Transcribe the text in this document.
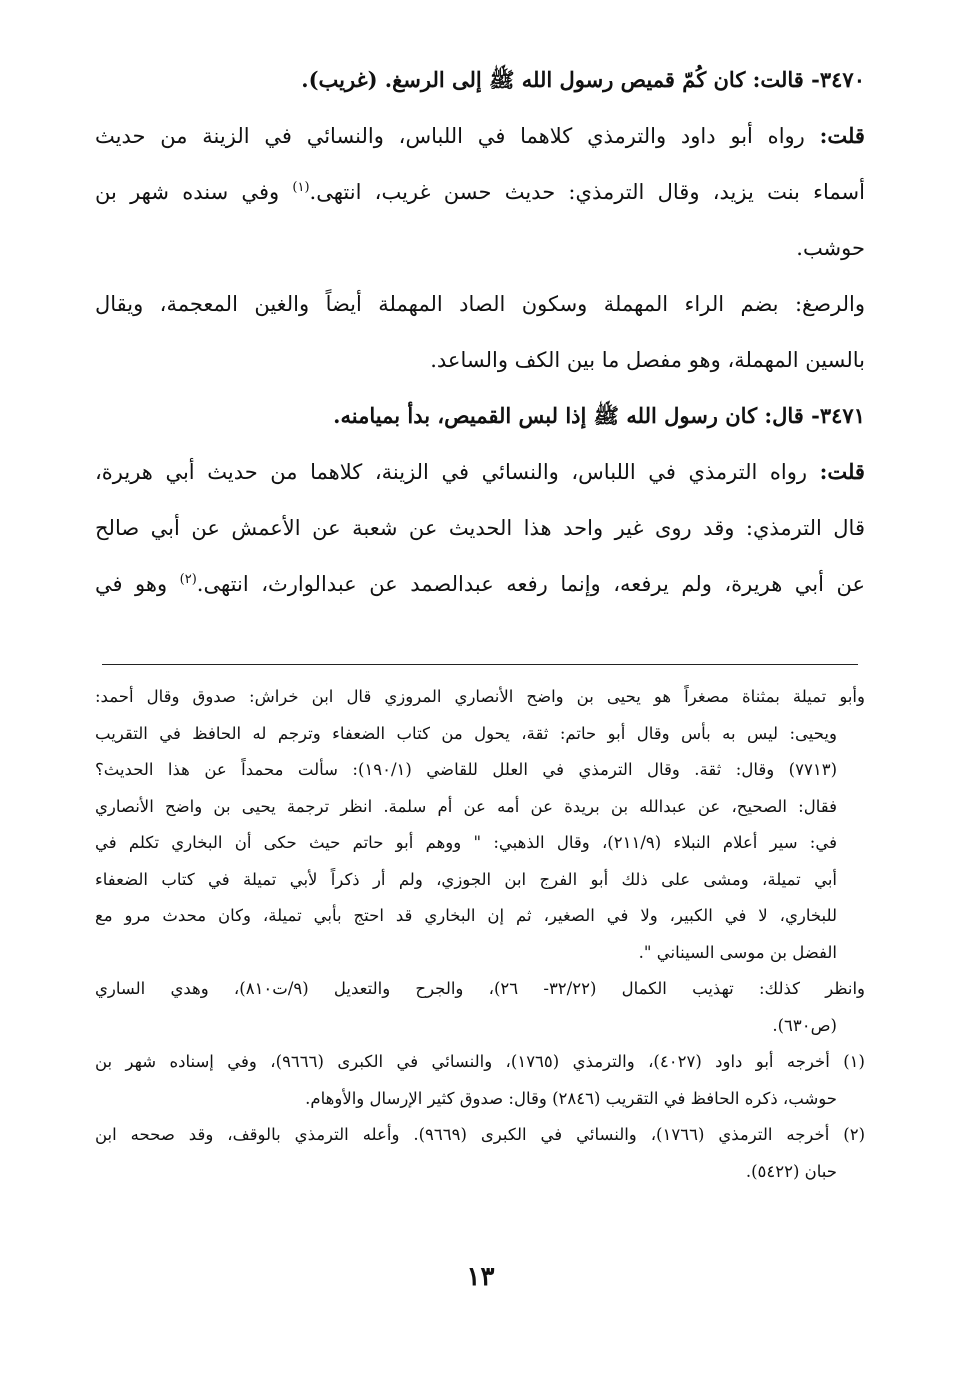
٣٤٧٠- قالت: كان كُمّ قميص رسول الله ﷺ إلى الرسغ. (غريب).
قلت: رواه أبو داود والترمذي كلاهما في اللباس، والنسائي في الزينة من حديث
أسماء بنت يزيد، وقال الترمذي: حديث حسن غريب، انتهى.$^{(١)}$ وفي سنده شهر بن
حوشب.
والرصغ: بضم الراء المهملة وسكون الصاد المهملة أيضاً والغين المعجمة، ويقال
بالسين المهملة، وهو مفصل ما بين الكف والساعد.
٣٤٧١- قال: كان رسول الله ﷺ إذا لبس القميص، بدأ بميامنه.
قلت: رواه الترمذي في اللباس، والنسائي في الزينة، كلاهما من حديث أبي هريرة،
قال الترمذي: وقد روى غير واحد هذا الحديث عن شعبة عن الأعمش عن أبي صالح
عن أبي هريرة، ولم يرفعه، وإنما رفعه عبدالصمد عن عبدالوارث، انتهى.$^{(٢)}$ وهو في
وأبو تميلة بمثناة مصغراً هو يحيى بن واضح الأنصاري المروزي قال ابن خراش: صدوق وقال أحمد:
ويحيى: ليس به بأس وقال أبو حاتم: ثقة، يحول من كتاب الضعفاء وترجم له الحافظ في التقريب
(٧٧١٣) وقال: ثقة. وقال الترمذي في العلل للقاضي (١٩٠/١): سألت محمداً عن هذا الحديث؟
فقال: الصحيح، عن عبدالله بن بريدة عن أمه عن أم سلمة. انظر ترجمة يحيى بن واضح الأنصاري
في: سير أعلام النبلاء (٢١١/٩)، وقال الذهبي: " ووهم أبو حاتم حيث حكى أن البخاري تكلم في
أبي تميلة، ومشى على ذلك أبو الفرج ابن الجوزي، ولم أر ذكراً لأبي تميلة في كتاب الضعفاء
للبخاري، لا في الكبير، ولا في الصغير، ثم إن البخاري قد احتج بأبي تميلة، وكان محدث مرو مع
الفضل بن موسى السيناني ".
وانظر كذلك: تهذيب الكمال (٣٢/٢٢- ٢٦)، والجرح والتعديل (٩/ت٨١٠)، وهدي الساري
(ص٦٣٠).
(١) أخرجه أبو داود (٤٠٢٧)، والترمذي (١٧٦٥)، والنسائي في الكبرى (٩٦٦٦)، وفي إسناده شهر بن
حوشب، ذكره الحافظ في التقريب (٢٨٤٦) وقال: صدوق كثير الإرسال والأوهام.
(٢) أخرجه الترمذي (١٧٦٦)، والنسائي في الكبرى (٩٦٦٩). وأعله الترمذي بالوقف، وقد صححه ابن
حبان (٥٤٢٢).
١٣
